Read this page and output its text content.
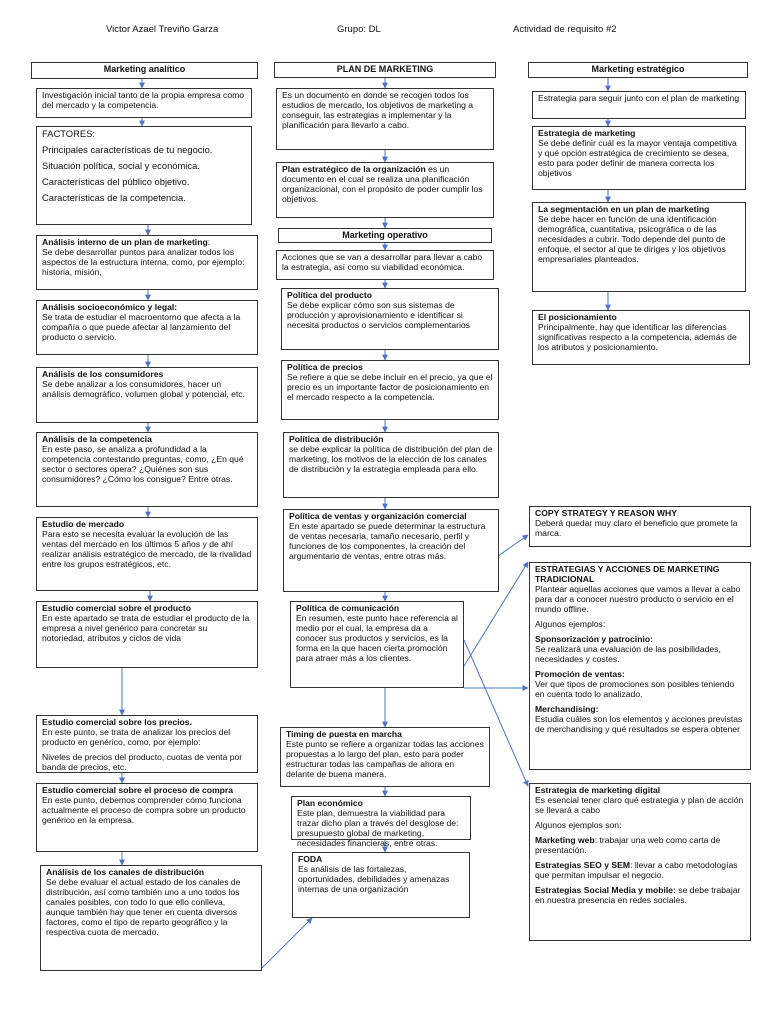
Victor Azael Treviño Garza	Grupo: DL	Actividad de requisito #2
Marketing analítico

Investigación inicial tanto de la propia empresa como del mercado y la competencia.

FACTORES:

Principales características de tu negocio.

Situación política, social y económica.

Características del público objetivo.

Características de la competencia.

Análisis interno de un plan de marketing:

Se debe desarrollar puntos para analizar todos los aspectos de la estructura interna, como, por ejemplo: historia, misión,

Análisis socioeconómico y legal:

Se trata de estudiar el macroentorno que afecta a la compañía o que puede afectar al lanzamiento del producto o servicio.

Análisis de los consumidores

Se debe analizar a los consumidores, hacer un análisis demográfico, volumen global y potencial, etc.

Análisis de la competencia

En este paso, se analiza a profundidad a la competencia contestando preguntas, como, ¿En qué sector o sectores opera? ¿Quiénes son sus consumidores? ¿Cómo los consigue? Entre otras.

Estudio de mercado

Para esto se necesita evaluar la evolución de las ventas del mercado en los últimos 5 años y de ahí realizar análisis estratégico de mercado, de la rivalidad entre los grupos estratégicos, etc.

Estudio comercial sobre el producto

En este apartado se trata de estudiar el producto de la empresa a nivel genérico para concretar su notoriedad, atributos y ciclos de vida

Estudio comercial sobre los precios.

En este punto, se trata de analizar los precios del producto en genérico, como, por ejemplo:

Niveles de precios del producto, cuotas de venta por banda de precios, etc.

Estudio comercial sobre el proceso de compra

En este punto, debemos comprender cómo funciona actualmente el proceso de compra sobre un producto genérico en la empresa.

Análisis de los canales de distribución

Se debe evaluar el actual estado de los canales de distribución, así como también uno a uno todos los canales posibles, con todo lo que ello conlleva, aunque también hay que tener en cuenta diversos factores, como el tipo de reparto geográfico y la respectiva cuota de mercado.

PLAN DE MARKETING

Es un documento en donde se recogen todos los estudios de mercado, los objetivos de marketing a conseguir, las estrategias a implementar y la planificación para llevarlo a cabo.

Plan estratégico de la organización es un documento en el cual se realiza una planificación organizacional, con el propósito de poder cumplir los objetivos.

Marketing operativo

Acciones que se van a desarrollar para llevar a cabo la estrategia, así como su viabilidad económica.

Política del producto

Se debe explicar cómo son sus sistemas de producción y aprovisionamiento e identificar si necesita productos o servicios complementarios

Política de precios

Se refiere a que se debe incluir en el precio, ya que el precio es un importante factor de posicionamiento en el mercado respecto a la competencia.

Política de distribución

se debe explicar la política de distribución del plan de marketing, los motivos de la elección de los canales de distribución y la estrategia empleada para ello.

Política de ventas y organización comercial

En este apartado se puede determinar la estructura de ventas necesaria, tamaño necesario, perfil y funciones de los componentes, la creación del argumentario de ventas, entre otras más.

Política de comunicación

En resumen, este punto hace referencia al medio por el cual, la empresa da a conocer sus productos y servicios, es la forma en la que hacen cierta promoción para atraer más a los clientes.

Timing de puesta en marcha

Este punto se refiere a organizar todas las acciones propuestas a lo largo del plan, esto para poder estructurar todas las campañas de ahora en delante de buena manera.

Plan económico

Este plan, demuestra la viabilidad para trazar dicho plan a través del desglose de: presupuesto global de marketing, necesidades financieras, entre otras.

FODA

Es análisis de las fortalezas, oportunidades, debilidades y amenazas internas de una organización

Marketing estratégico

Estrategia para seguir junto con el plan de marketing

Estrategia de marketing

Se debe definir cuál es la mayor ventaja competitiva y qué opción estratégica de crecimiento se desea, esto para poder definir de manera correcta los objetivos

La segmentación en un plan de marketing

Se debe hacer en función de una identificación demográfica, cuantitativa, psicográfica o de las necesidades a cubrir. Todo depende del punto de enfoque, el sector al que te diriges y los objetivos empresariales planteados.

El posicionamiento

Principalmente, hay que identificar las diferencias significativas respecto a la competencia, además de los atributos y posicionamiento.

COPY STRATEGY Y REASON WHY

Deberá quedar muy claro el beneficio que promete la marca.

ESTRATEGIAS Y ACCIONES DE MARKETING TRADICIONAL

Plantear aquellas acciones que vamos a llevar a cabo para dar a conocer nuestro producto o servicio en el mundo offline.

Algunos ejemplos:

Sponsorización y patrocinio:

Se realizará una evaluación de las posibilidades, necesidades y costes.

Promoción de ventas:

Ver que tipos de promociones son posibles teniendo en cuenta todo lo analizado.

Merchandising:

Estudia cuáles son los elementos y acciones previstas de merchandising y qué resultados se espera obtener

Estrategia de marketing digital

Es esencial tener claro qué estrategia y plan de acción se llevará a cabo

Algunos ejemplos son:

Marketing web: trabajar una web como carta de presentación.

Estrategias SEO y SEM: llevar a cabo metodologías que permitan impulsar el negocio.

Estrategias Social Media y mobile: se debe trabajar en nuestra presencia en redes sociales.
